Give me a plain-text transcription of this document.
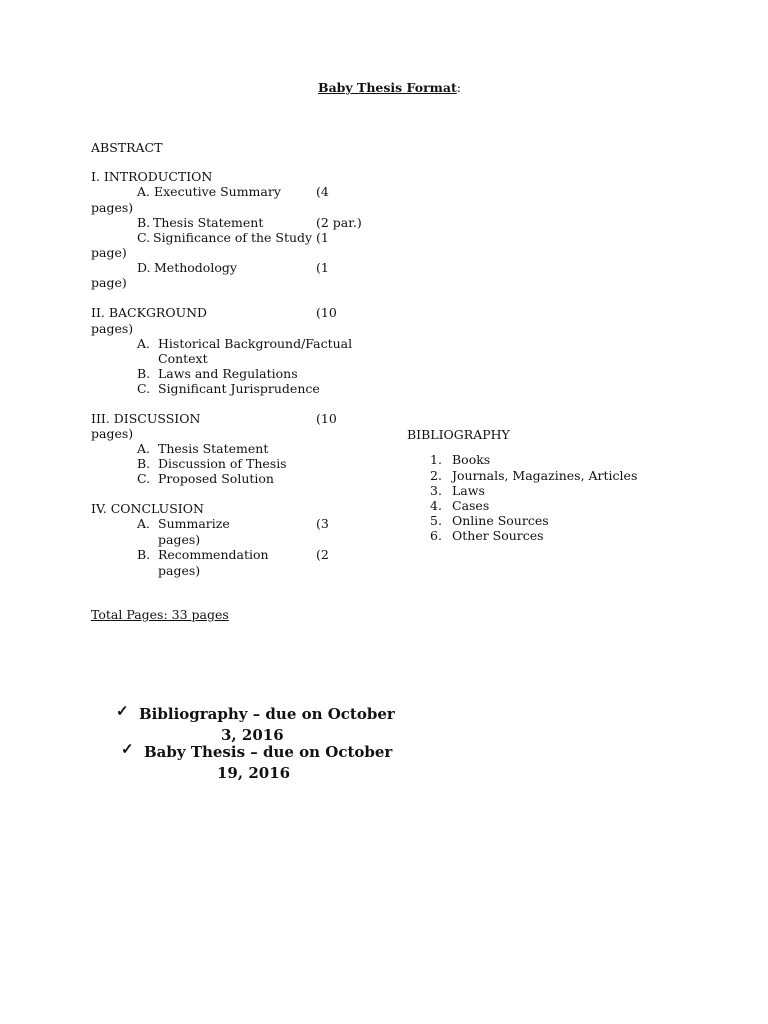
Baby Thesis Format:
ABSTRACT
I. INTRODUCTION
A. Executive Summary	(4
pages)
B. Thesis Statement	(2 par.)
C. Significance of the Study (1
page)
D. Methodology	(1
page)
II. BACKGROUND	(10
pages)
A. Historical Background/Factual
Context
B. Laws and Regulations
C. Significant Jurisprudence
III. DISCUSSION	(10
pages)
A. Thesis Statement
B. Discussion of Thesis
C. Proposed Solution
IV. CONCLUSION
A. Summarize	(3
pages)
B. Recommendation	(2
pages)
Total Pages: 33 pages
BIBLIOGRAPHY
1. Books
2. Journals, Magazines, Articles
3. Laws
4. Cases
5. Online Sources
6. Other Sources
✓ Bibliography – due on October
3, 2016
✓ Baby Thesis – due on October
19, 2016
